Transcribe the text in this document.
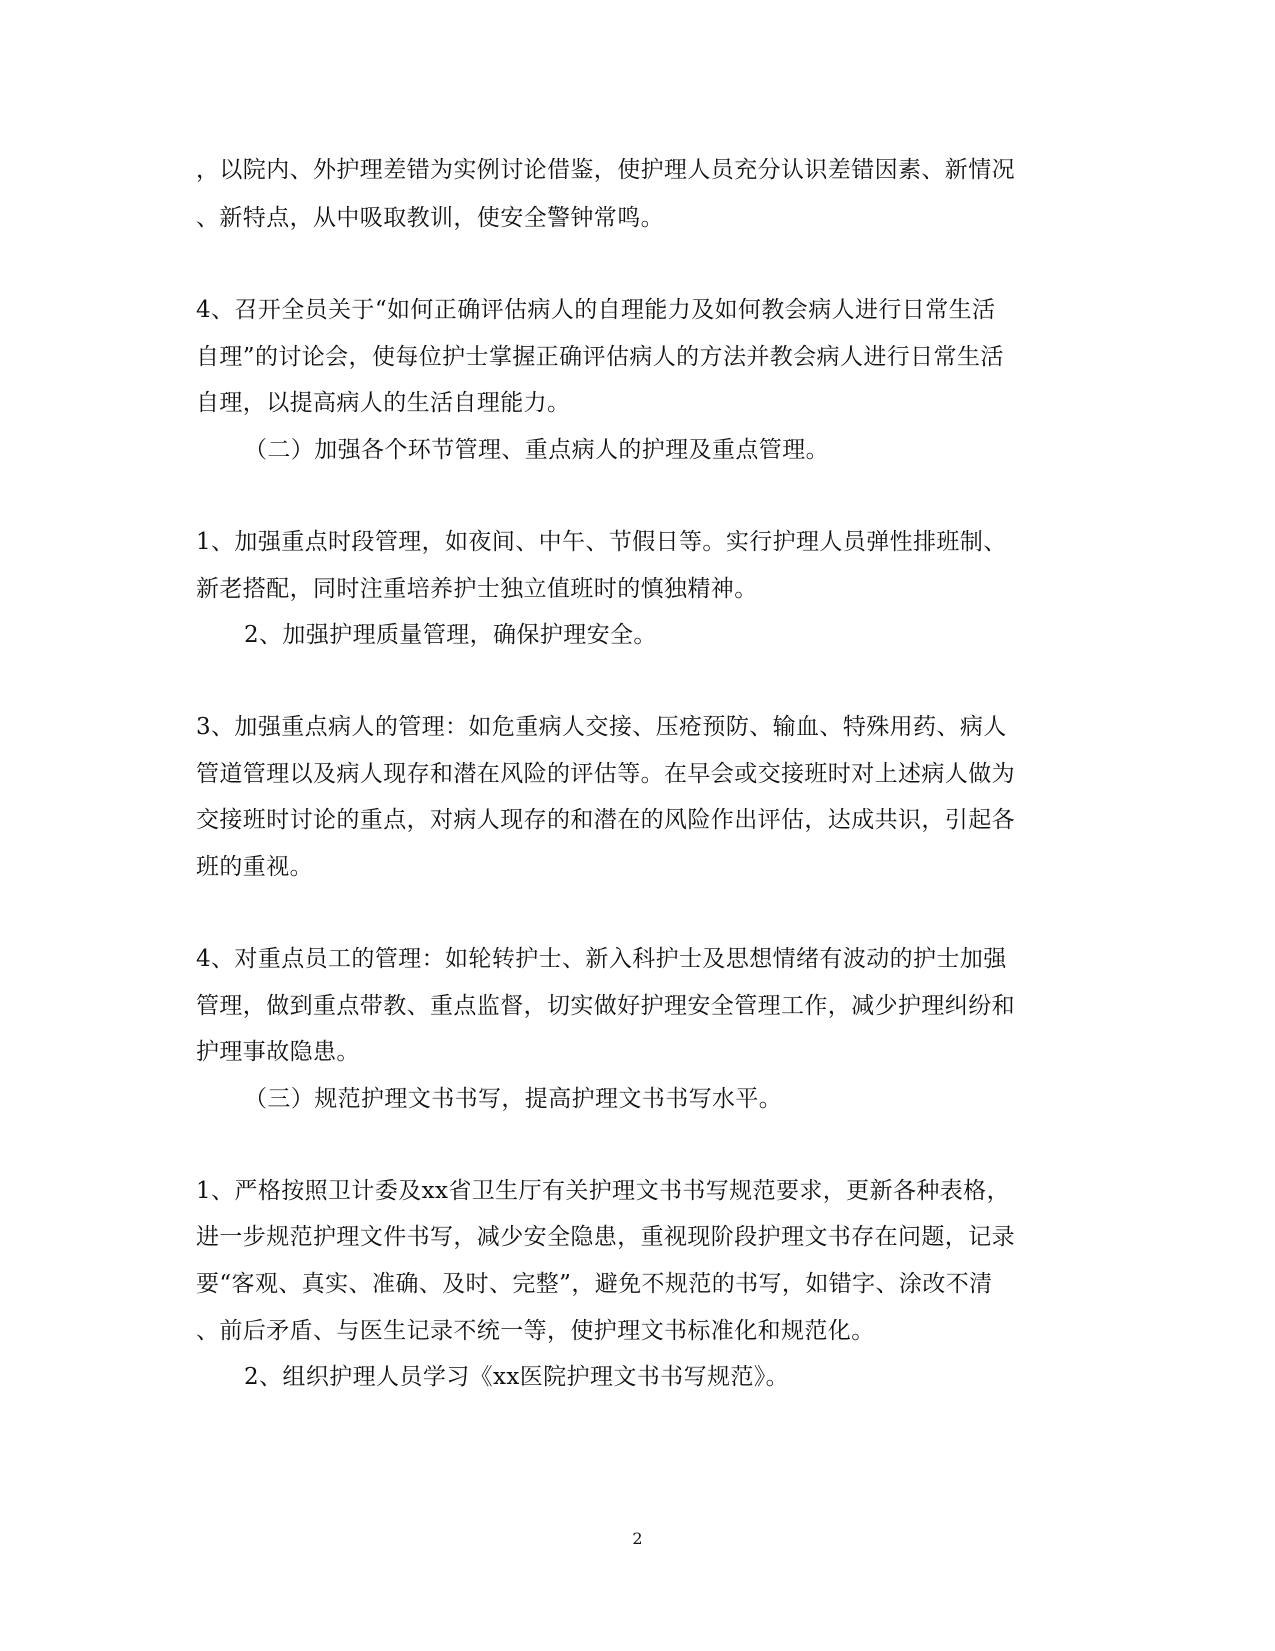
，以院内、外护理差错为实例讨论借鉴，使护理人员充分认识差错因素、新情况
、新特点，从中吸取教训，使安全警钟常鸣。
4、召开全员关于“如何正确评估病人的自理能力及如何教会病人进行日常生活
自理”的讨论会，使每位护士掌握正确评估病人的方法并教会病人进行日常生活
自理，以提高病人的生活自理能力。
（二）加强各个环节管理、重点病人的护理及重点管理。
1、加强重点时段管理，如夜间、中午、节假日等。实行护理人员弹性排班制、
新老搭配，同时注重培养护士独立值班时的慎独精神。
2、加强护理质量管理，确保护理安全。
3、加强重点病人的管理：如危重病人交接、压疮预防、输血、特殊用药、病人
管道管理以及病人现存和潜在风险的评估等。在早会或交接班时对上述病人做为
交接班时讨论的重点，对病人现存的和潜在的风险作出评估，达成共识，引起各
班的重视。
4、对重点员工的管理：如轮转护士、新入科护士及思想情绪有波动的护士加强
管理，做到重点带教、重点监督，切实做好护理安全管理工作，减少护理纠纷和
护理事故隐患。
（三）规范护理文书书写，提高护理文书书写水平。
1、严格按照卫计委及xx省卫生厅有关护理文书书写规范要求，更新各种表格，
进一步规范护理文件书写，减少安全隐患，重视现阶段护理文书存在问题，记录
要“客观、真实、准确、及时、完整”，避免不规范的书写，如错字、涂改不清
、前后矛盾、与医生记录不统一等，使护理文书标准化和规范化。
2、组织护理人员学习《xx医院护理文书书写规范》。
2
